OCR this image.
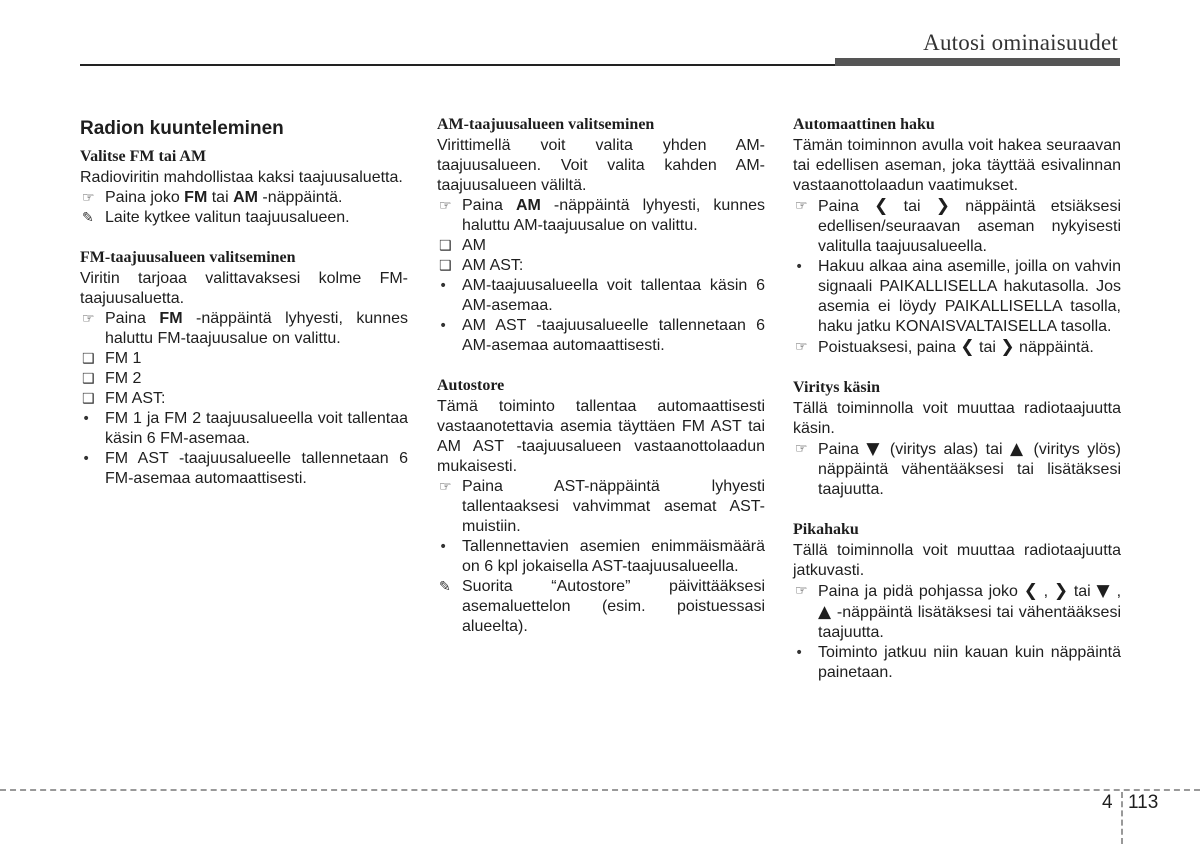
Autosi ominaisuudet
Radion kuunteleminen
Valitse FM tai AM

Radioviritin mahdollistaa kaksi taajuusaluetta.

☞ Paina joko FM tai AM -näppäintä.
✎ Laite kytkee valitun taajuusalueen.
FM-taajuusalueen valitseminen

Viritin tarjoaa valittavaksesi kolme FM-taajuusaluetta.

☞ Paina FM -näppäintä lyhyesti, kunnes haluttu FM-taajuusalue on valittu.
❑ FM 1
❑ FM 2
❑ FM AST:
• FM 1 ja FM 2 taajuusalueella voit tallentaa käsin 6 FM-asemaa.
• FM AST -taajuusalueelle tallennetaan 6 FM-asemaa automaattisesti.
AM-taajuusalueen valitseminen

Virittimellä voit valita yhden AM-taajuusalueen. Voit valita kahden AM-taajuusalueen väliltä.

☞ Paina AM -näppäintä lyhyesti, kunnes haluttu AM-taajuusalue on valittu.
❑ AM
❑ AM AST:
• AM-taajuusalueella voit tallentaa käsin 6 AM-asemaa.
• AM AST -taajuusalueelle tallennetaan 6 AM-asemaa automaattisesti.
Autostore

Tämä toiminto tallentaa automaattisesti vastaanotettavia asemia täyttäen FM AST tai AM AST -taajuusalueen vastaanottolaadun mukaisesti.

☞ Paina AST-näppäintä lyhyesti tallentaaksesi vahvimmat asemat AST-muistiin.
• Tallennettavien asemien enimmäismäärä on 6 kpl jokaisella AST-taajuusalueella.
✎ Suorita “Autostore” päivittääksesi asemaluettelon (esim. poistuessasi alueelta).
Automaattinen haku

Tämän toiminnon avulla voit hakea seuraavan tai edellisen aseman, joka täyttää esivalinnan vastaanottolaadun vaatimukset.

☞ Paina ❮ tai ❯ näppäintä etsiäksesi edellisen/seuraavan aseman nykyisesti valitulla taajuusalueella.
• Hakuu alkaa aina asemille, joilla on vahvin signaali PAIKALLISELLA hakutasolla. Jos asemia ei löydy PAIKALLISELLA tasolla, haku jatku KONAISVALTAISELLA tasolla.
☞ Poistuaksesi, paina ❮ tai ❯ näppäintä.
Viritys käsin

Tällä toiminnolla voit muuttaa radiotaajuutta käsin.

☞ Paina ▼ (viritys alas) tai ▲ (viritys ylös) näppäintä vähentääksesi tai lisätäksesi taajuutta.
Pikahaku

Tällä toiminnolla voit muuttaa radiotaajuutta jatkuvasti.

☞ Paina ja pidä pohjassa joko ❮ , ❯ tai ▼ , ▲ -näppäintä lisätäksesi tai vähentääksesi taajuutta.
• Toiminto jatkuu niin kauan kuin näppäintä painetaan.
4 113
